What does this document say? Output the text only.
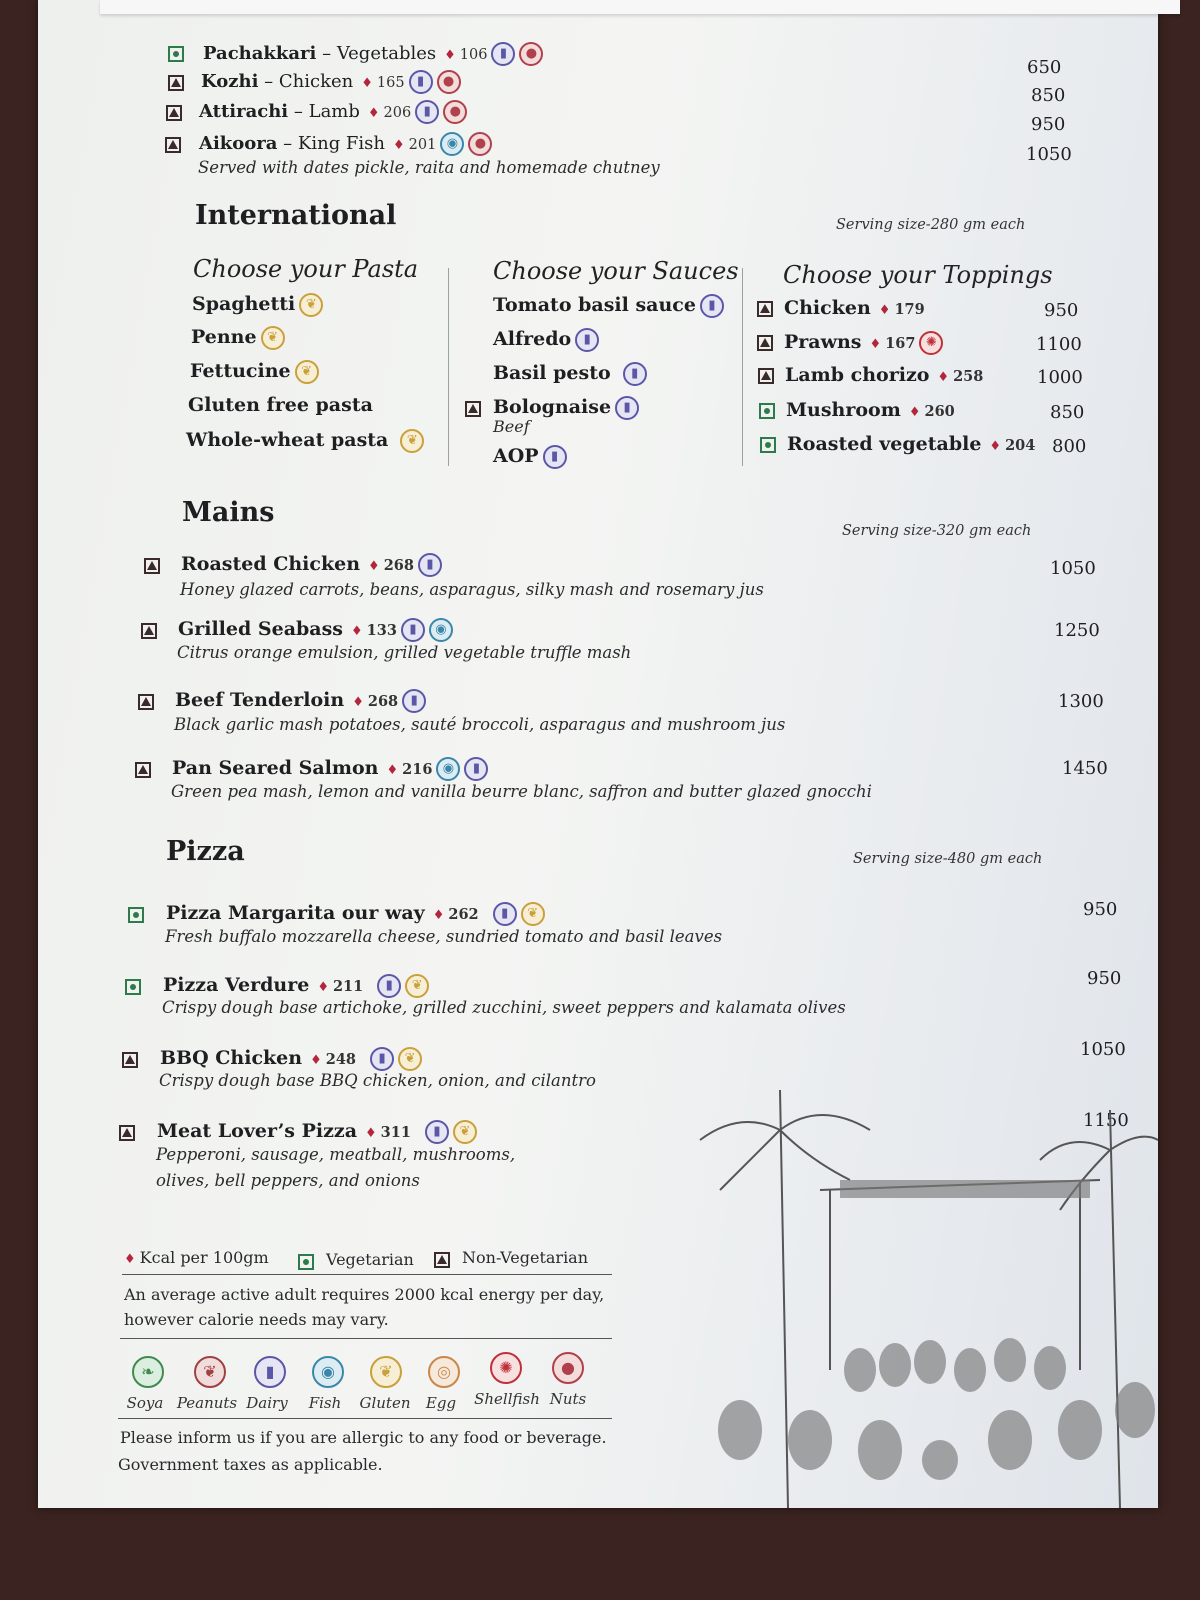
Pachakkari – Vegetables ♦ 106 ▮ ●
650
Kozhi – Chicken ♦ 165 ▮ ●
850
Attirachi – Lamb ♦ 206 ▮ ●
950
Aikoora – King Fish ♦ 201 ◉ ●
1050
Served with dates pickle, raita and homemade chutney
International	Serving size-280 gm each
Choose your Pasta
Spaghetti ❦
Penne ❦
Fettucine ❦
Gluten free pasta
Whole-wheat pasta ❦
Choose your Sauces
Tomato basil sauce ▮
Alfredo ▮
Basil pesto ▮
Bolognaise ▮
Beef
AOP ▮
Choose your Toppings
Chicken ♦ 179	950
Prawns ♦ 167 ✺	1100
Lamb chorizo ♦ 258	1000
Mushroom ♦ 260	850
Roasted vegetable ♦ 204 800
Mains
Serving size-320 gm each
Roasted Chicken ♦ 268 ▮	1050
Honey glazed carrots, beans, asparagus, silky mash and rosemary jus
Grilled Seabass ♦ 133 ▮ ◉	1250
Citrus orange emulsion, grilled vegetable truffle mash
Beef Tenderloin ♦ 268 ▮	1300
Black garlic mash potatoes, sauté broccoli, asparagus and mushroom jus
Pan Seared Salmon ♦ 216 ◉ ▮	1450
Green pea mash, lemon and vanilla beurre blanc, saffron and butter glazed gnocchi
Pizza	Serving size-480 gm each
Pizza Margarita our way ♦ 262 ▮ ❦	950
Fresh buffalo mozzarella cheese, sundried tomato and basil leaves
Pizza Verdure ♦ 211 ▮ ❦	950
Crispy dough base artichoke, grilled zucchini, sweet peppers and kalamata olives
BBQ Chicken ♦ 248 ▮ ❦	1050
Crispy dough base BBQ chicken, onion, and cilantro
Meat Lover’s Pizza ♦ 311 ▮ ❦
1150
Pepperoni, sausage, meatball, mushrooms,
olives, bell peppers, and onions
♦ Kcal per 100gm	Vegetarian	Non-Vegetarian
An average active adult requires 2000 kcal energy per day,
however calorie needs may vary.
❧	❦	▮	◉	❦	◎	✺	●
Soya Peanuts Dairy	Fish	Gluten	Egg	Shellfish Nuts
Please inform us if you are allergic to any food or beverage.
Government taxes as applicable.
